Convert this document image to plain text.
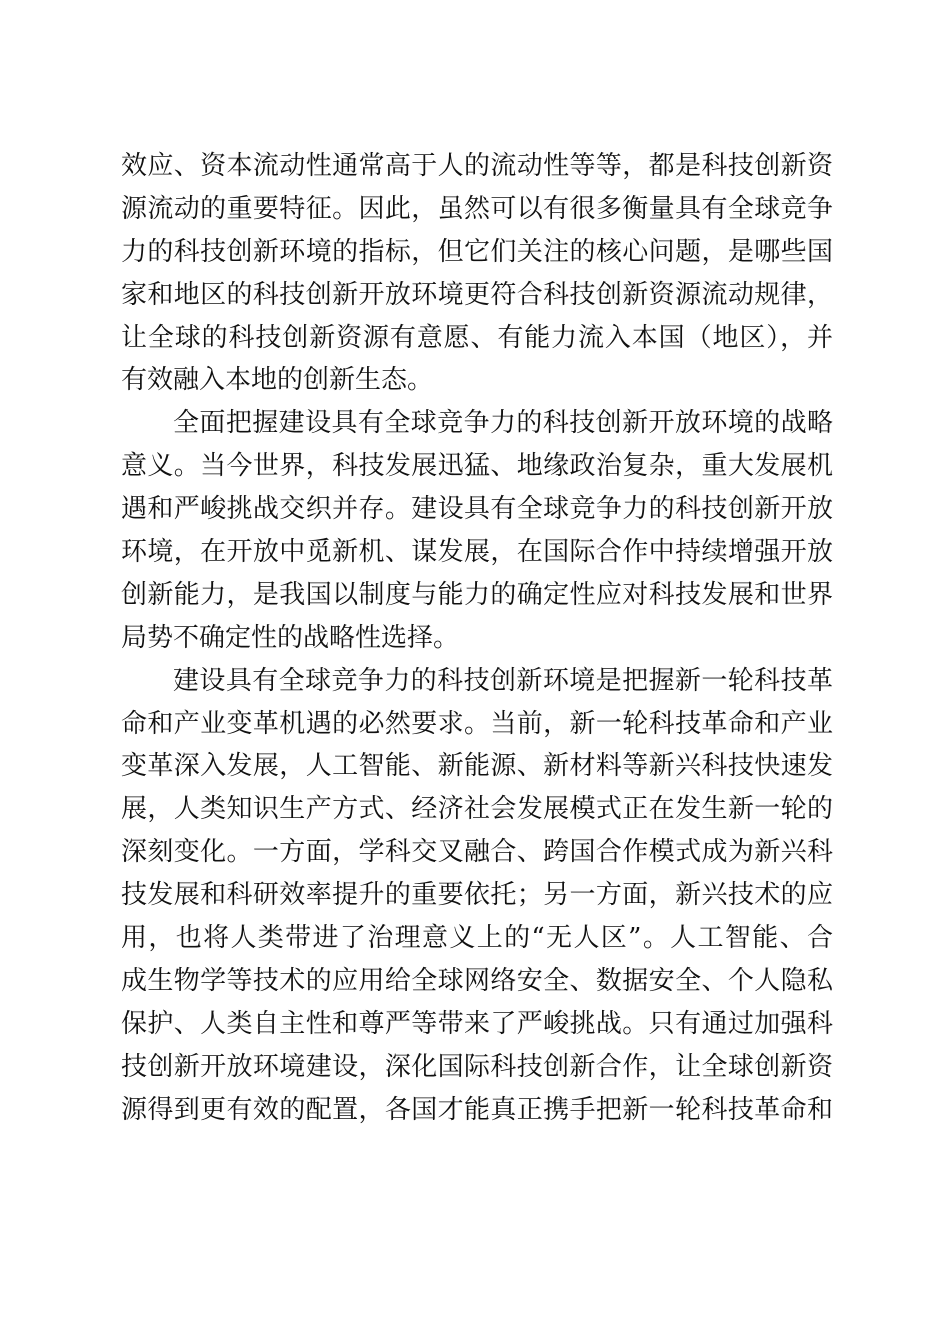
效应、资本流动性通常高于人的流动性等等，都是科技创新资
源流动的重要特征。因此，虽然可以有很多衡量具有全球竞争
力的科技创新环境的指标，但它们关注的核心问题，是哪些国
家和地区的科技创新开放环境更符合科技创新资源流动规律，
让全球的科技创新资源有意愿、有能力流入本国（地区），并
有效融入本地的创新生态。
全面把握建设具有全球竞争力的科技创新开放环境的战略
意义。当今世界，科技发展迅猛、地缘政治复杂，重大发展机
遇和严峻挑战交织并存。建设具有全球竞争力的科技创新开放
环境，在开放中觅新机、谋发展，在国际合作中持续增强开放
创新能力，是我国以制度与能力的确定性应对科技发展和世界
局势不确定性的战略性选择。
建设具有全球竞争力的科技创新环境是把握新一轮科技革
命和产业变革机遇的必然要求。当前，新一轮科技革命和产业
变革深入发展，人工智能、新能源、新材料等新兴科技快速发
展，人类知识生产方式、经济社会发展模式正在发生新一轮的
深刻变化。一方面，学科交叉融合、跨国合作模式成为新兴科
技发展和科研效率提升的重要依托；另一方面，新兴技术的应
用，也将人类带进了治理意义上的“无人区”。人工智能、合
成生物学等技术的应用给全球网络安全、数据安全、个人隐私
保护、人类自主性和尊严等带来了严峻挑战。只有通过加强科
技创新开放环境建设，深化国际科技创新合作，让全球创新资
源得到更有效的配置，各国才能真正携手把新一轮科技革命和
